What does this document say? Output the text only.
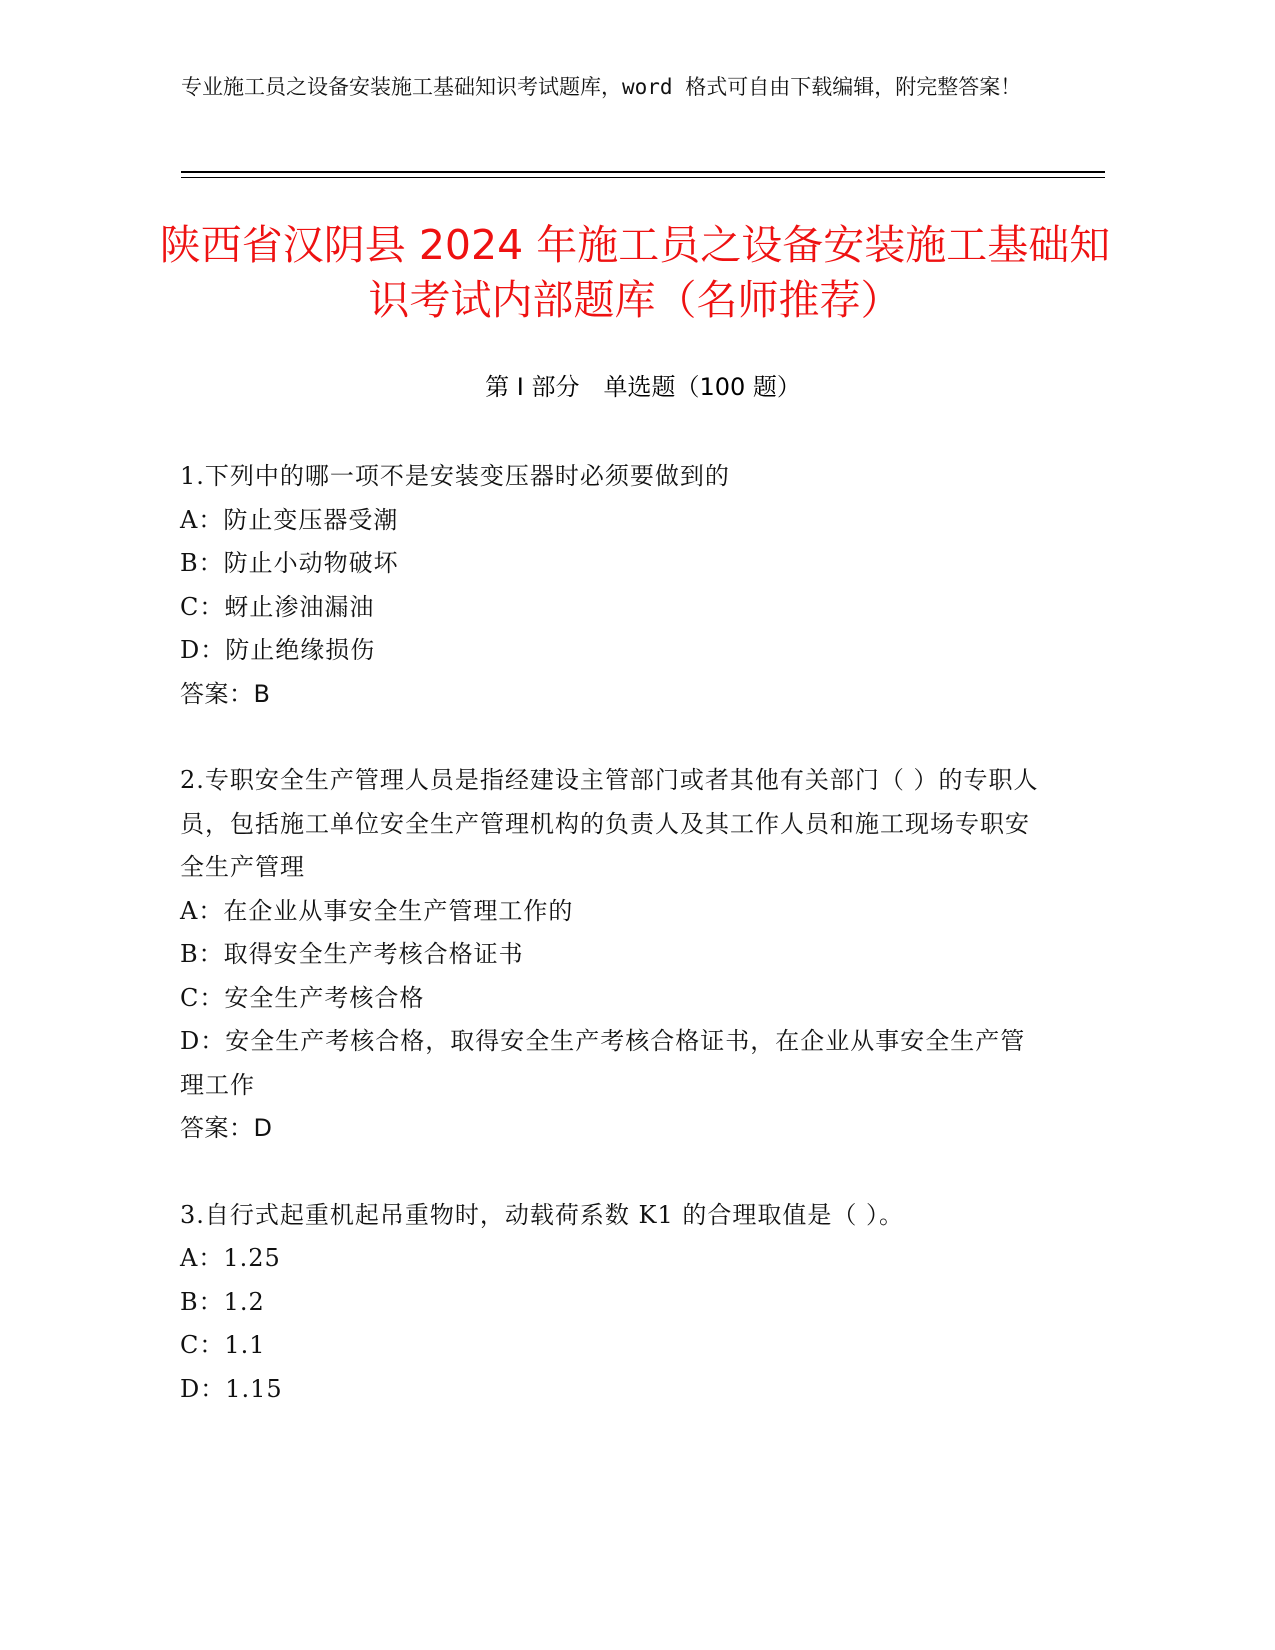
专业施工员之设备安装施工基础知识考试题库，word 格式可自由下载编辑，附完整答案！
陕西省汉阴县 2024 年施工员之设备安装施工基础知识考试内部题库（名师推荐）
第 I 部分　单选题（100 题）

1.下列中的哪一项不是安装变压器时必须要做到的

A：防止变压器受潮

B：防止小动物破坏

C：蚜止渗油漏油

D：防止绝缘损伤

答案：B

2.专职安全生产管理人员是指经建设主管部门或者其他有关部门（ ）的专职人员，包括施工单位安全生产管理机构的负责人及其工作人员和施工现场专职安全生产管理

A：在企业从事安全生产管理工作的

B：取得安全生产考核合格证书

C：安全生产考核合格

D：安全生产考核合格，取得安全生产考核合格证书，在企业从事安全生产管理工作

答案：D

3.自行式起重机起吊重物时，动载荷系数 K1 的合理取值是（ ）。

A：1.25

B：1.2

C：1.1

D：1.15
